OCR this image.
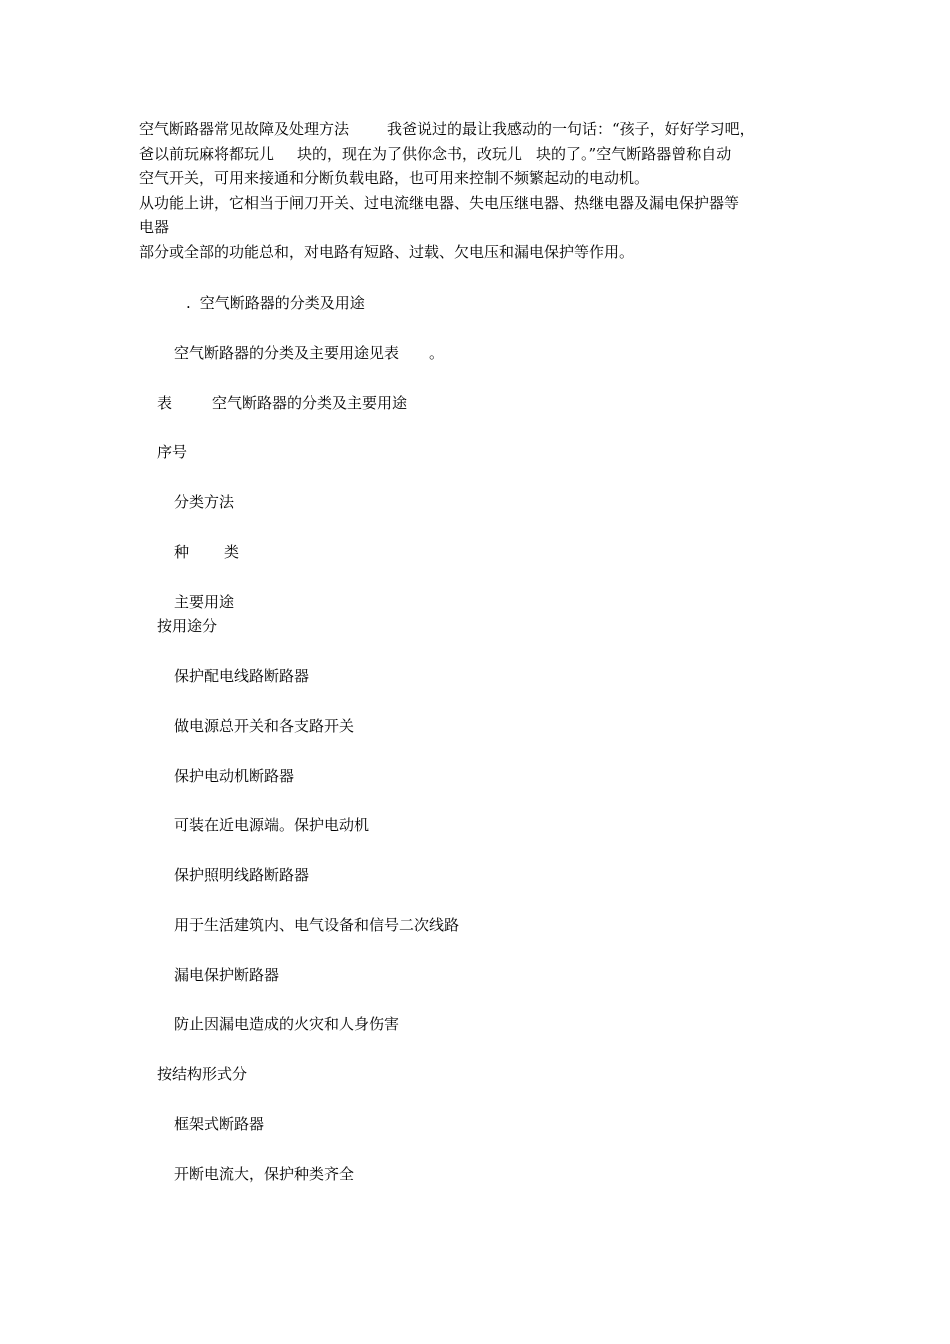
空气断路器常见故障及处理方法	我爸说过的最让我感动的一句话：“孩子，好好学习吧，
爸以前玩麻将都玩儿 块的，现在为了供你念书，改玩儿 块的了。”空气断路器曾称自动
空气开关，可用来接通和分断负载电路，也可用来控制不频繁起动的电动机。
从功能上讲，它相当于闸刀开关、过电流继电器、失电压继电器、热继电器及漏电保护器等
电器
部分或全部的功能总和，对电路有短路、过载、欠电压和漏电保护等作用。
. 空气断路器的分类及用途
空气断路器的分类及主要用途见表 。
表	空气断路器的分类及主要用途
序号
分类方法
种 类
主要用途
按用途分
保护配电线路断路器
做电源总开关和各支路开关
保护电动机断路器
可装在近电源端。保护电动机
保护照明线路断路器
用于生活建筑内、电气设备和信号二次线路
漏电保护断路器
防止因漏电造成的火灾和人身伤害
按结构形式分
框架式断路器
开断电流大，保护种类齐全
